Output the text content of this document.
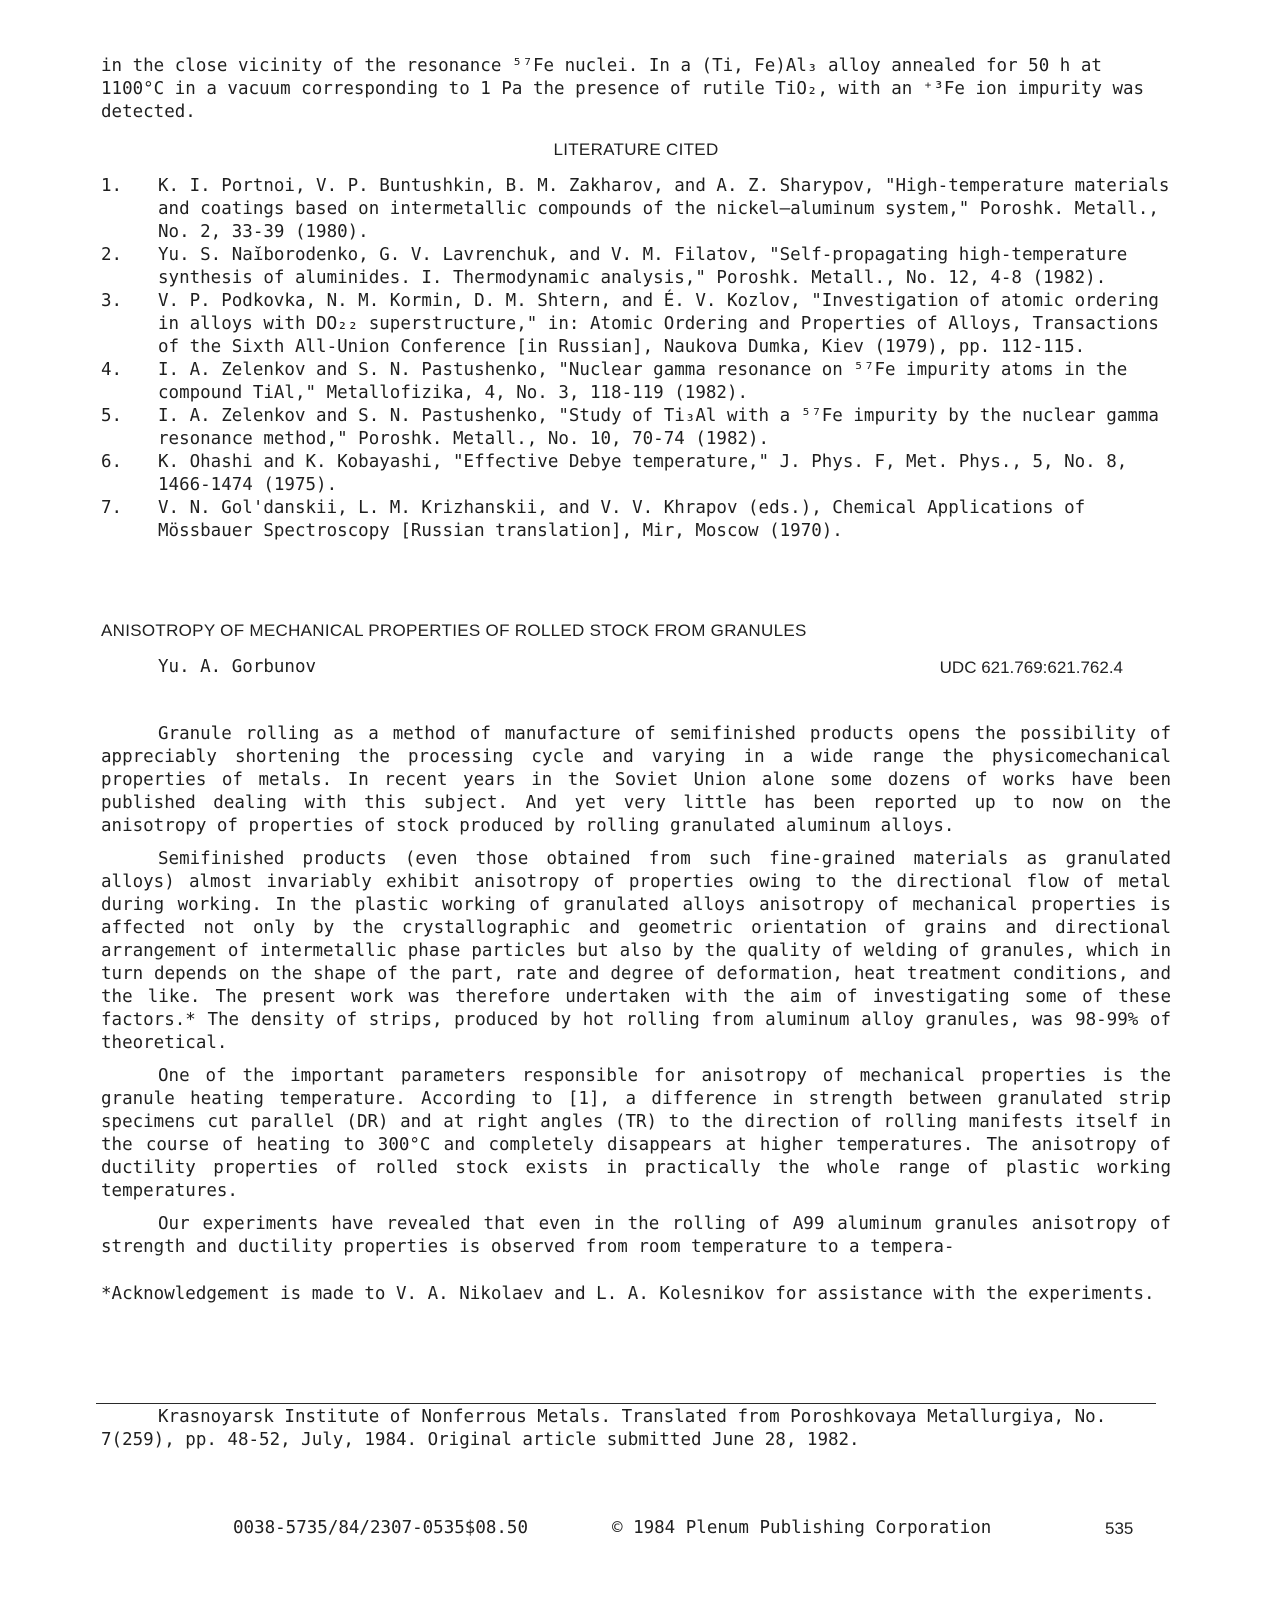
in the close vicinity of the resonance ⁵⁷Fe nuclei. In a (Ti, Fe)Al₃ alloy annealed for 50 h at 1100°C in a vacuum corresponding to 1 Pa the presence of rutile TiO₂, with an ⁺³Fe ion impurity was detected.

LITERATURE CITED
1. K. I. Portnoi, V. P. Buntushkin, B. M. Zakharov, and A. Z. Sharypov, "High-temperature materials and coatings based on intermetallic compounds of the nickel—aluminum system," Poroshk. Metall., No. 2, 33-39 (1980).
2. Yu. S. Naĭborodenko, G. V. Lavrenchuk, and V. M. Filatov, "Self-propagating high-temperature synthesis of aluminides. I. Thermodynamic analysis," Poroshk. Metall., No. 12, 4-8 (1982).
3. V. P. Podkovka, N. M. Kormin, D. M. Shtern, and É. V. Kozlov, "Investigation of atomic ordering in alloys with DO₂₂ superstructure," in: Atomic Ordering and Properties of Alloys, Transactions of the Sixth All-Union Conference [in Russian], Naukova Dumka, Kiev (1979), pp. 112-115.
4. I. A. Zelenkov and S. N. Pastushenko, "Nuclear gamma resonance on ⁵⁷Fe impurity atoms in the compound TiAl," Metallofizika, 4, No. 3, 118-119 (1982).
5. I. A. Zelenkov and S. N. Pastushenko, "Study of Ti₃Al with a ⁵⁷Fe impurity by the nuclear gamma resonance method," Poroshk. Metall., No. 10, 70-74 (1982).
6. K. Ohashi and K. Kobayashi, "Effective Debye temperature," J. Phys. F, Met. Phys., 5, No. 8, 1466-1474 (1975).
7. V. N. Gol'danskii, L. M. Krizhanskii, and V. V. Khrapov (eds.), Chemical Applications of Mössbauer Spectroscopy [Russian translation], Mir, Moscow (1970).
ANISOTROPY OF MECHANICAL PROPERTIES OF ROLLED STOCK FROM GRANULES
Yu. A. Gorbunov	UDC 621.769:621.762.4

Granule rolling as a method of manufacture of semifinished products opens the possibility of appreciably shortening the processing cycle and varying in a wide range the physicomechanical properties of metals. In recent years in the Soviet Union alone some dozens of works have been published dealing with this subject. And yet very little has been reported up to now on the anisotropy of properties of stock produced by rolling granulated aluminum alloys.

Semifinished products (even those obtained from such fine-grained materials as granulated alloys) almost invariably exhibit anisotropy of properties owing to the directional flow of metal during working. In the plastic working of granulated alloys anisotropy of mechanical properties is affected not only by the crystallographic and geometric orientation of grains and directional arrangement of intermetallic phase particles but also by the quality of welding of granules, which in turn depends on the shape of the part, rate and degree of deformation, heat treatment conditions, and the like. The present work was therefore undertaken with the aim of investigating some of these factors.* The density of strips, produced by hot rolling from aluminum alloy granules, was 98-99% of theoretical.

One of the important parameters responsible for anisotropy of mechanical properties is the granule heating temperature. According to [1], a difference in strength between granulated strip specimens cut parallel (DR) and at right angles (TR) to the direction of rolling manifests itself in the course of heating to 300°C and completely disappears at higher temperatures. The anisotropy of ductility properties of rolled stock exists in practically the whole range of plastic working temperatures.

Our experiments have revealed that even in the rolling of A99 aluminum granules anisotropy of strength and ductility properties is observed from room temperature to a tempera-

*Acknowledgement is made to V. A. Nikolaev and L. A. Kolesnikov for assistance with the experiments.

Krasnoyarsk Institute of Nonferrous Metals. Translated from Poroshkovaya Metallurgiya, No. 7(259), pp. 48-52, July, 1984. Original article submitted June 28, 1982.

0038-5735/84/2307-0535$08.50	© 1984 Plenum Publishing Corporation	535
